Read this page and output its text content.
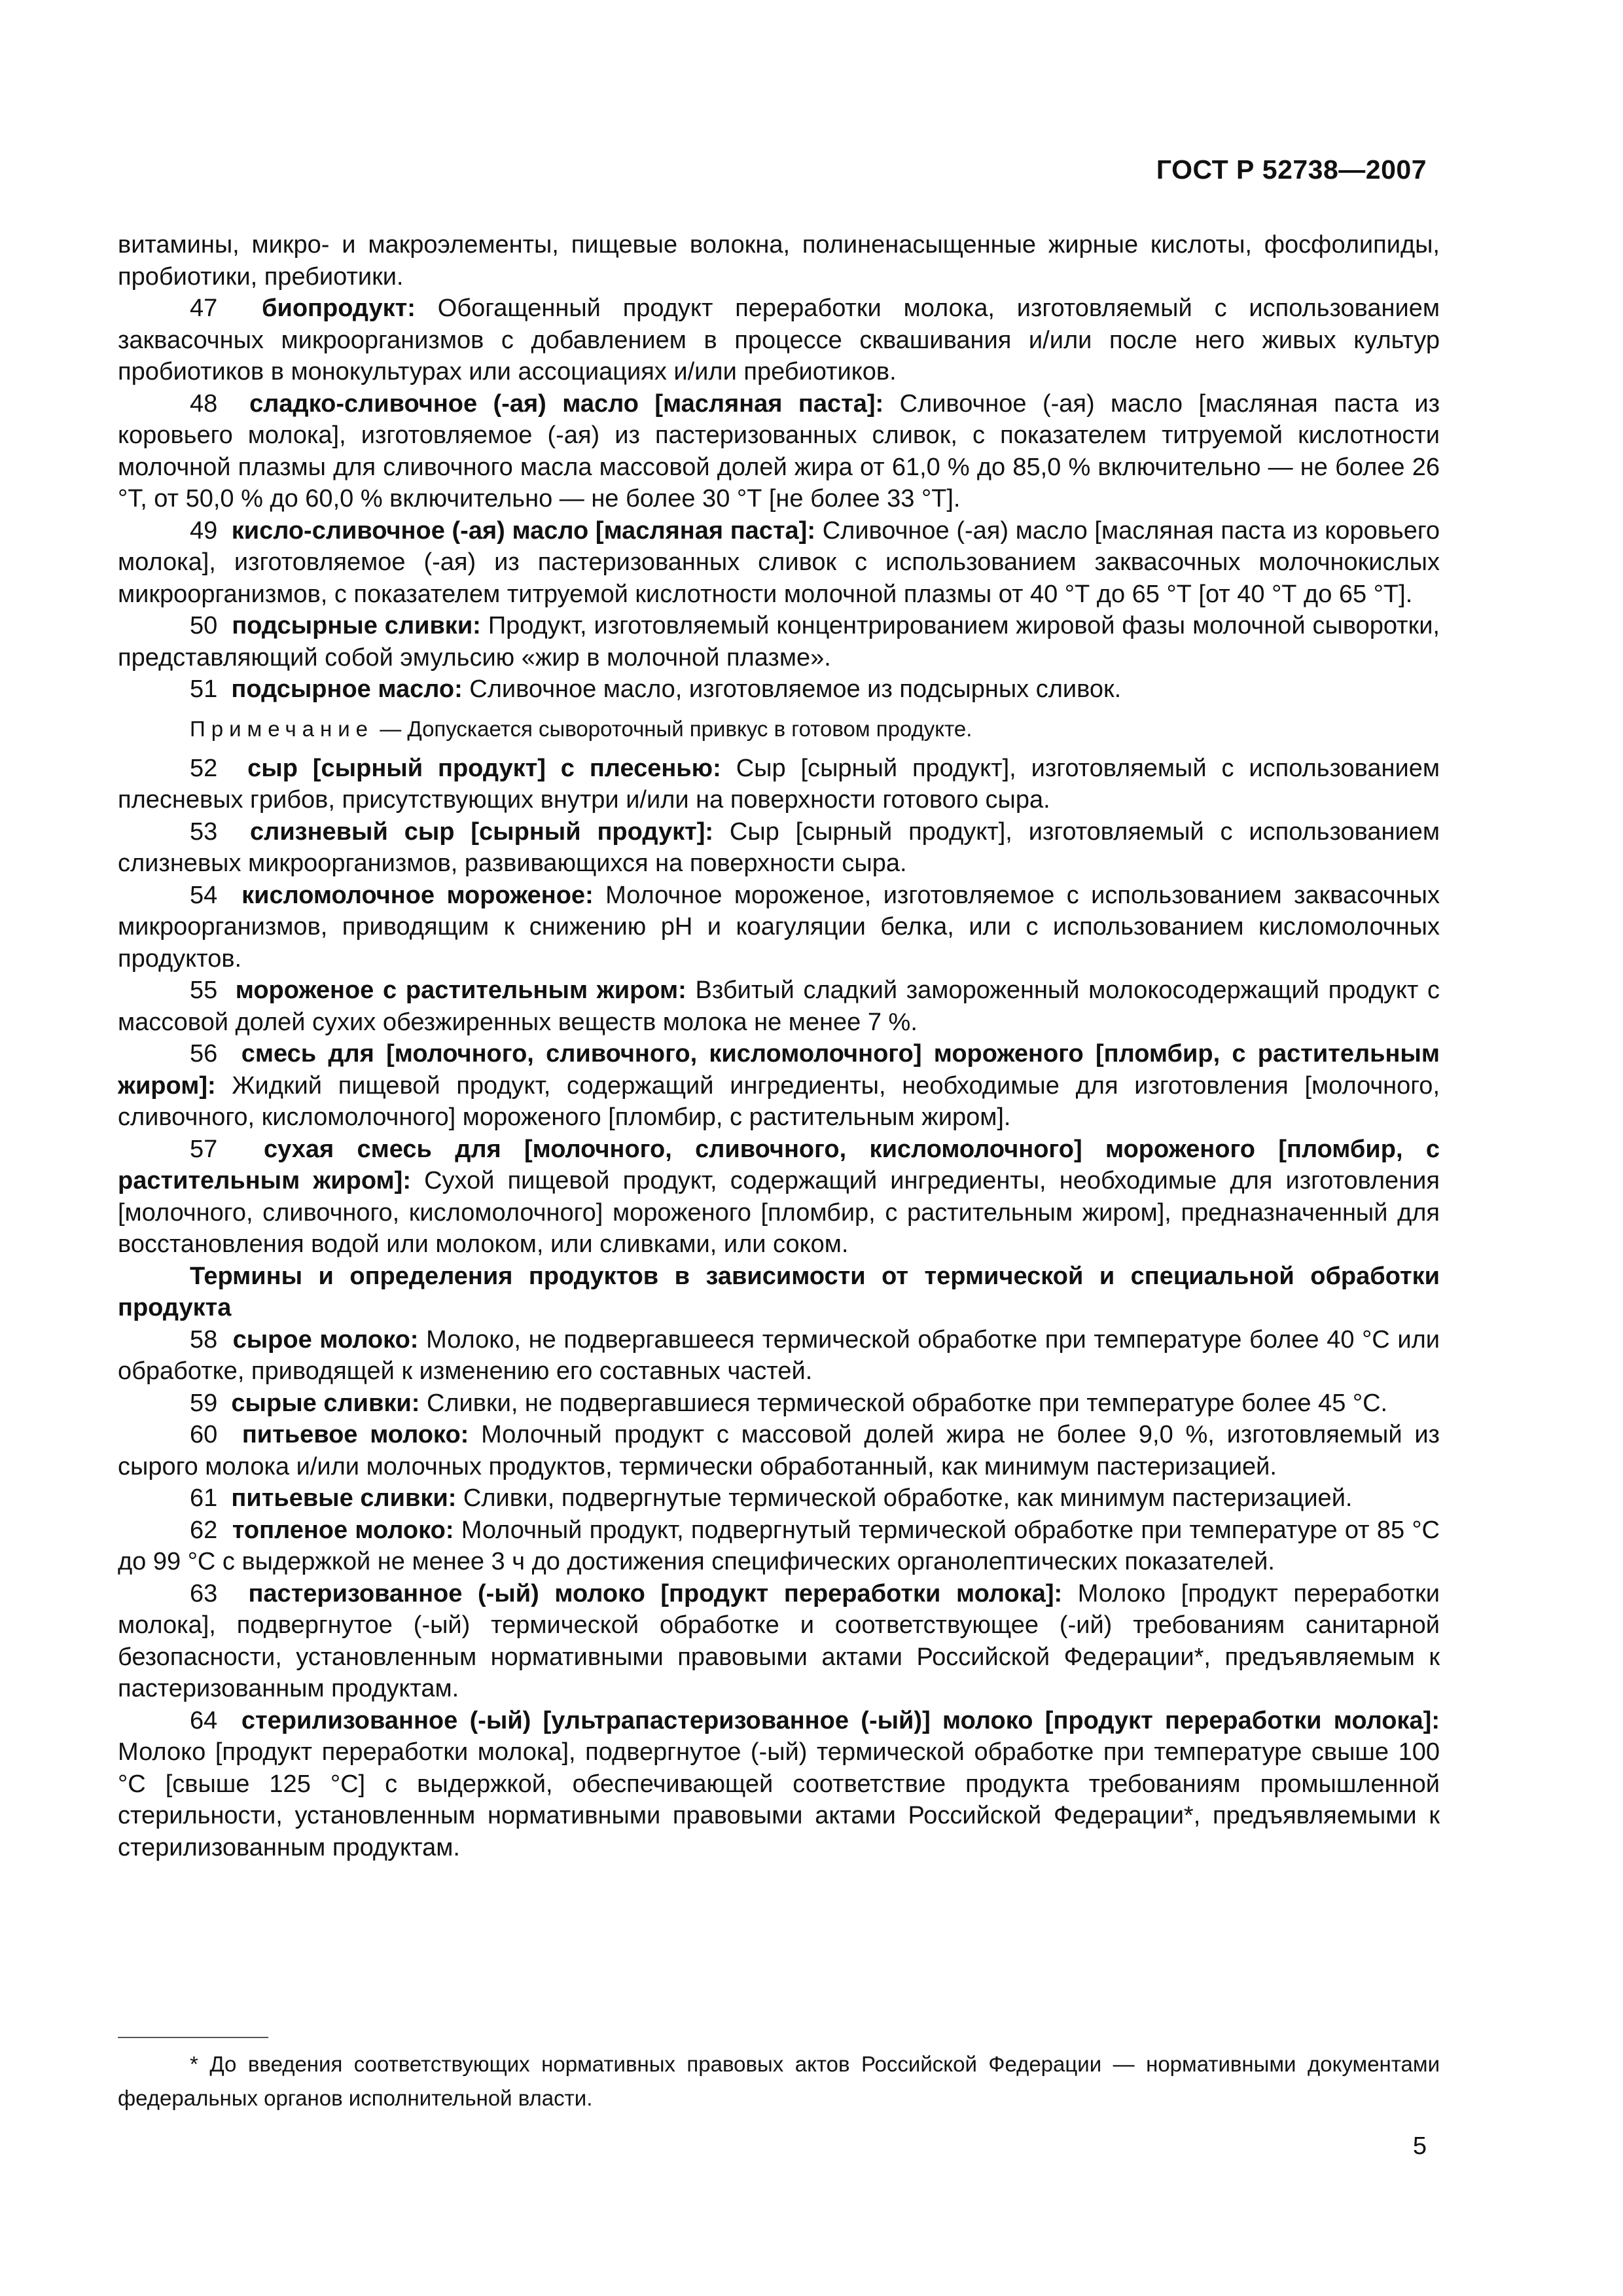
ГОСТ Р 52738—2007

витамины, микро- и макроэлементы, пищевые волокна, полиненасыщенные жирные кислоты, фосфолипиды, пробиотики, пребиотики.

47 биопродукт: Обогащенный продукт переработки молока, изготовляемый с использованием заквасочных микроорганизмов с добавлением в процессе сквашивания и/или после него живых культур пробиотиков в монокультурах или ассоциациях и/или пребиотиков.

48 сладко-сливочное (-ая) масло [масляная паста]: Сливочное (-ая) масло [масляная паста из коровьего молока], изготовляемое (-ая) из пастеризованных сливок, с показателем титруемой кислотности молочной плазмы для сливочного масла массовой долей жира от 61,0 % до 85,0 % включительно — не более 26 °Т, от 50,0 % до 60,0 % включительно — не более 30 °Т [не более 33 °Т].

49 кисло-сливочное (-ая) масло [масляная паста]: Сливочное (-ая) масло [масляная паста из коровьего молока], изготовляемое (-ая) из пастеризованных сливок с использованием заквасочных молочнокислых микроорганизмов, с показателем титруемой кислотности молочной плазмы от 40 °Т до 65 °Т [от 40 °Т до 65 °Т].

50 подсырные сливки: Продукт, изготовляемый концентрированием жировой фазы молочной сыворотки, представляющий собой эмульсию «жир в молочной плазме».

51 подсырное масло: Сливочное масло, изготовляемое из подсырных сливок.

Примечание — Допускается сывороточный привкус в готовом продукте.

52 сыр [сырный продукт] с плесенью: Сыр [сырный продукт], изготовляемый с использованием плесневых грибов, присутствующих внутри и/или на поверхности готового сыра.

53 слизневый сыр [сырный продукт]: Сыр [сырный продукт], изготовляемый с использованием слизневых микроорганизмов, развивающихся на поверхности сыра.

54 кисломолочное мороженое: Молочное мороженое, изготовляемое с использованием заквасочных микроорганизмов, приводящим к снижению pH и коагуляции белка, или с использованием кисломолочных продуктов.

55 мороженое с растительным жиром: Взбитый сладкий замороженный молокосодержащий продукт с массовой долей сухих обезжиренных веществ молока не менее 7 %.

56 смесь для [молочного, сливочного, кисломолочного] мороженого [пломбир, с растительным жиром]: Жидкий пищевой продукт, содержащий ингредиенты, необходимые для изготовления [молочного, сливочного, кисломолочного] мороженого [пломбир, с растительным жиром].

57 сухая смесь для [молочного, сливочного, кисломолочного] мороженого [пломбир, с растительным жиром]: Сухой пищевой продукт, содержащий ингредиенты, необходимые для изготовления [молочного, сливочного, кисломолочного] мороженого [пломбир, с растительным жиром], предназначенный для восстановления водой или молоком, или сливками, или соком.

Термины и определения продуктов в зависимости от термической и специальной обработки продукта

58 сырое молоко: Молоко, не подвергавшееся термической обработке при температуре более 40 °С или обработке, приводящей к изменению его составных частей.

59 сырые сливки: Сливки, не подвергавшиеся термической обработке при температуре более 45 °С.

60 питьевое молоко: Молочный продукт с массовой долей жира не более 9,0 %, изготовляемый из сырого молока и/или молочных продуктов, термически обработанный, как минимум пастеризацией.

61 питьевые сливки: Сливки, подвергнутые термической обработке, как минимум пастеризацией.

62 топленое молоко: Молочный продукт, подвергнутый термической обработке при температуре от 85 °С до 99 °С с выдержкой не менее 3 ч до достижения специфических органолептических показателей.

63 пастеризованное (-ый) молоко [продукт переработки молока]: Молоко [продукт переработки молока], подвергнутое (-ый) термической обработке и соответствующее (-ий) требованиям санитарной безопасности, установленным нормативными правовыми актами Российской Федерации*, предъявляемым к пастеризованным продуктам.

64 стерилизованное (-ый) [ультрапастеризованное (-ый)] молоко [продукт переработки молока]: Молоко [продукт переработки молока], подвергнутое (-ый) термической обработке при температуре свыше 100 °С [свыше 125 °С] с выдержкой, обеспечивающей соответствие продукта требованиям промышленной стерильности, установленным нормативными правовыми актами Российской Федерации*, предъявляемыми к стерилизованным продуктам.

* До введения соответствующих нормативных правовых актов Российской Федерации — нормативными документами федеральных органов исполнительной власти.
5
